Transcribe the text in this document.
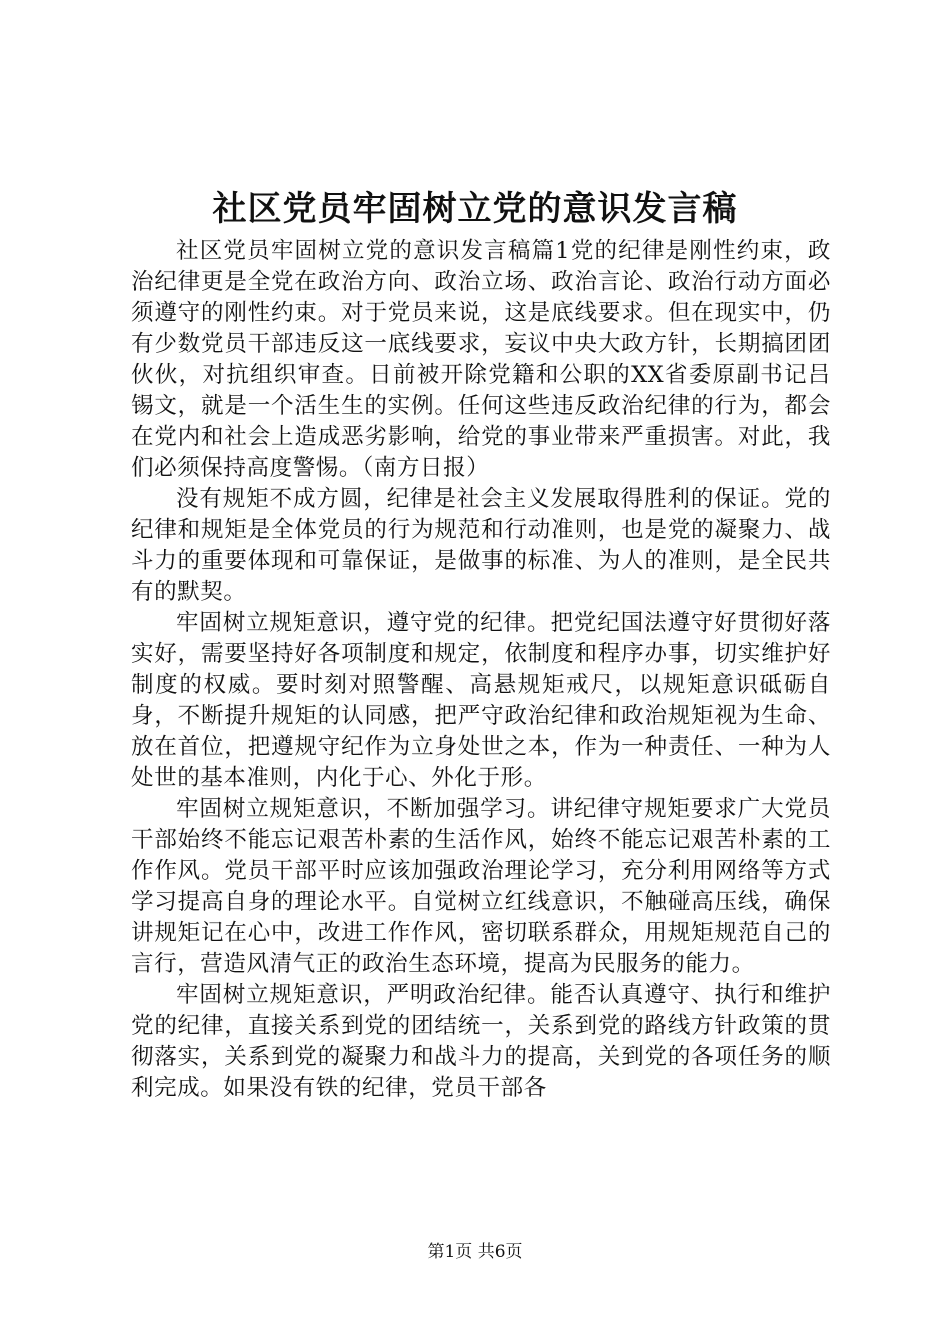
社区党员牢固树立党的意识发言稿

社区党员牢固树立党的意识发言稿篇1党的纪律是刚性约束，政治纪律更是全党在政治方向、政治立场、政治言论、政治行动方面必须遵守的刚性约束。对于党员来说，这是底线要求。但在现实中，仍有少数党员干部违反这一底线要求，妄议中央大政方针，长期搞团团伙伙，对抗组织审查。日前被开除党籍和公职的XX省委原副书记吕锡文，就是一个活生生的实例。任何这些违反政治纪律的行为，都会在党内和社会上造成恶劣影响，给党的事业带来严重损害。对此，我们必须保持高度警惕。（南方日报）

没有规矩不成方圆，纪律是社会主义发展取得胜利的保证。党的纪律和规矩是全体党员的行为规范和行动准则，也是党的凝聚力、战斗力的重要体现和可靠保证，是做事的标准、为人的准则，是全民共有的默契。

牢固树立规矩意识，遵守党的纪律。把党纪国法遵守好贯彻好落实好，需要坚持好各项制度和规定，依制度和程序办事，切实维护好制度的权威。要时刻对照警醒、高悬规矩戒尺，以规矩意识砥砺自身，不断提升规矩的认同感，把严守政治纪律和政治规矩视为生命、放在首位，把遵规守纪作为立身处世之本，作为一种责任、一种为人处世的基本准则，内化于心、外化于形。

牢固树立规矩意识，不断加强学习。讲纪律守规矩要求广大党员干部始终不能忘记艰苦朴素的生活作风，始终不能忘记艰苦朴素的工作作风。党员干部平时应该加强政治理论学习，充分利用网络等方式学习提高自身的理论水平。自觉树立红线意识，不触碰高压线，确保讲规矩记在心中，改进工作作风，密切联系群众，用规矩规范自己的言行，营造风清气正的政治生态环境，提高为民服务的能力。

牢固树立规矩意识，严明政治纪律。能否认真遵守、执行和维护党的纪律，直接关系到党的团结统一，关系到党的路线方针政策的贯彻落实，关系到党的凝聚力和战斗力的提高，关到党的各项任务的顺利完成。如果没有铁的纪律，党员干部各

第1页 共6页
